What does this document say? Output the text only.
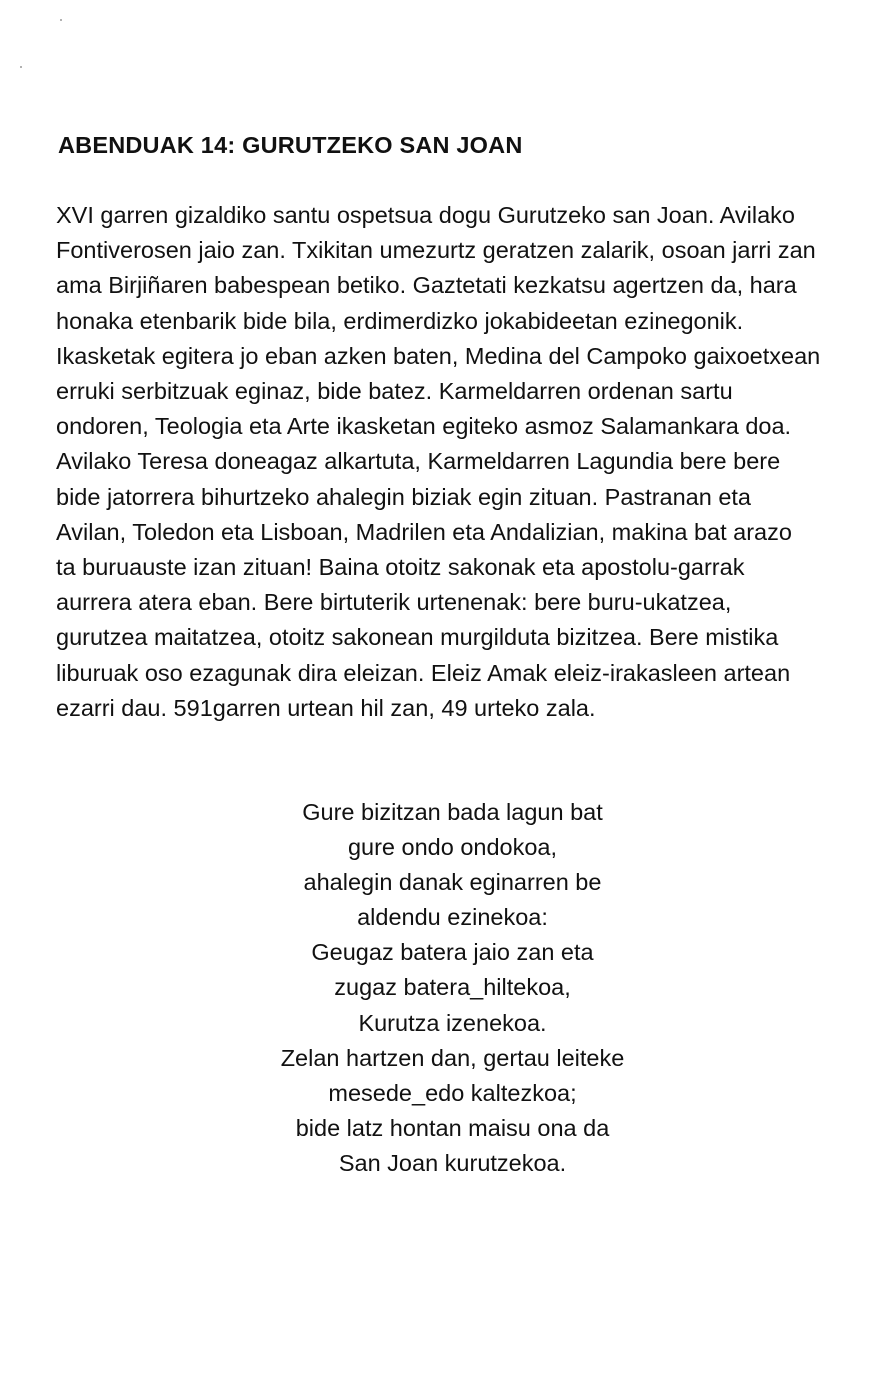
ABENDUAK 14: GURUTZEKO SAN JOAN
XVI garren gizaldiko santu ospetsua dogu Gurutzeko san Joan. Avilako
Fontiverosen jaio zan. Txikitan umezurtz geratzen zalarik, osoan jarri zan
ama Birjiñaren babespean betiko. Gaztetati kezkatsu agertzen da, hara
honaka etenbarik bide bila, erdimerdizko jokabideetan ezinegonik.
Ikasketak egitera jo eban azken baten, Medina del Campoko gaixoetxean
erruki serbitzuak eginaz, bide batez. Karmeldarren ordenan sartu
ondoren, Teologia eta Arte ikasketan egiteko asmoz Salamankara doa.
Avilako Teresa doneagaz alkartuta, Karmeldarren Lagundia bere bere
bide jatorrera bihurtzeko ahalegin biziak egin zituan. Pastranan eta
Avilan, Toledon eta Lisboan, Madrilen eta Andalizian, makina bat arazo
ta buruauste izan zituan! Baina otoitz sakonak eta apostolu-garrak
aurrera atera eban. Bere birtuterik urtenenak: bere buru-ukatzea,
gurutzea maitatzea, otoitz sakonean murgilduta bizitzea. Bere mistika
liburuak oso ezagunak dira eleizan. Eleiz Amak eleiz-irakasleen artean
ezarri dau. 591garren urtean hil zan, 49 urteko zala.
Gure bizitzan bada lagun bat
gure ondo ondokoa,
ahalegin danak eginarren be
aldendu ezinekoa:
Geugaz batera jaio zan eta
zugaz batera_hiltekoa,
Kurutza izenekoa.
Zelan hartzen dan, gertau leiteke
mesede_edo kaltezkoa;
bide latz hontan maisu ona da
San Joan kurutzekoa.
